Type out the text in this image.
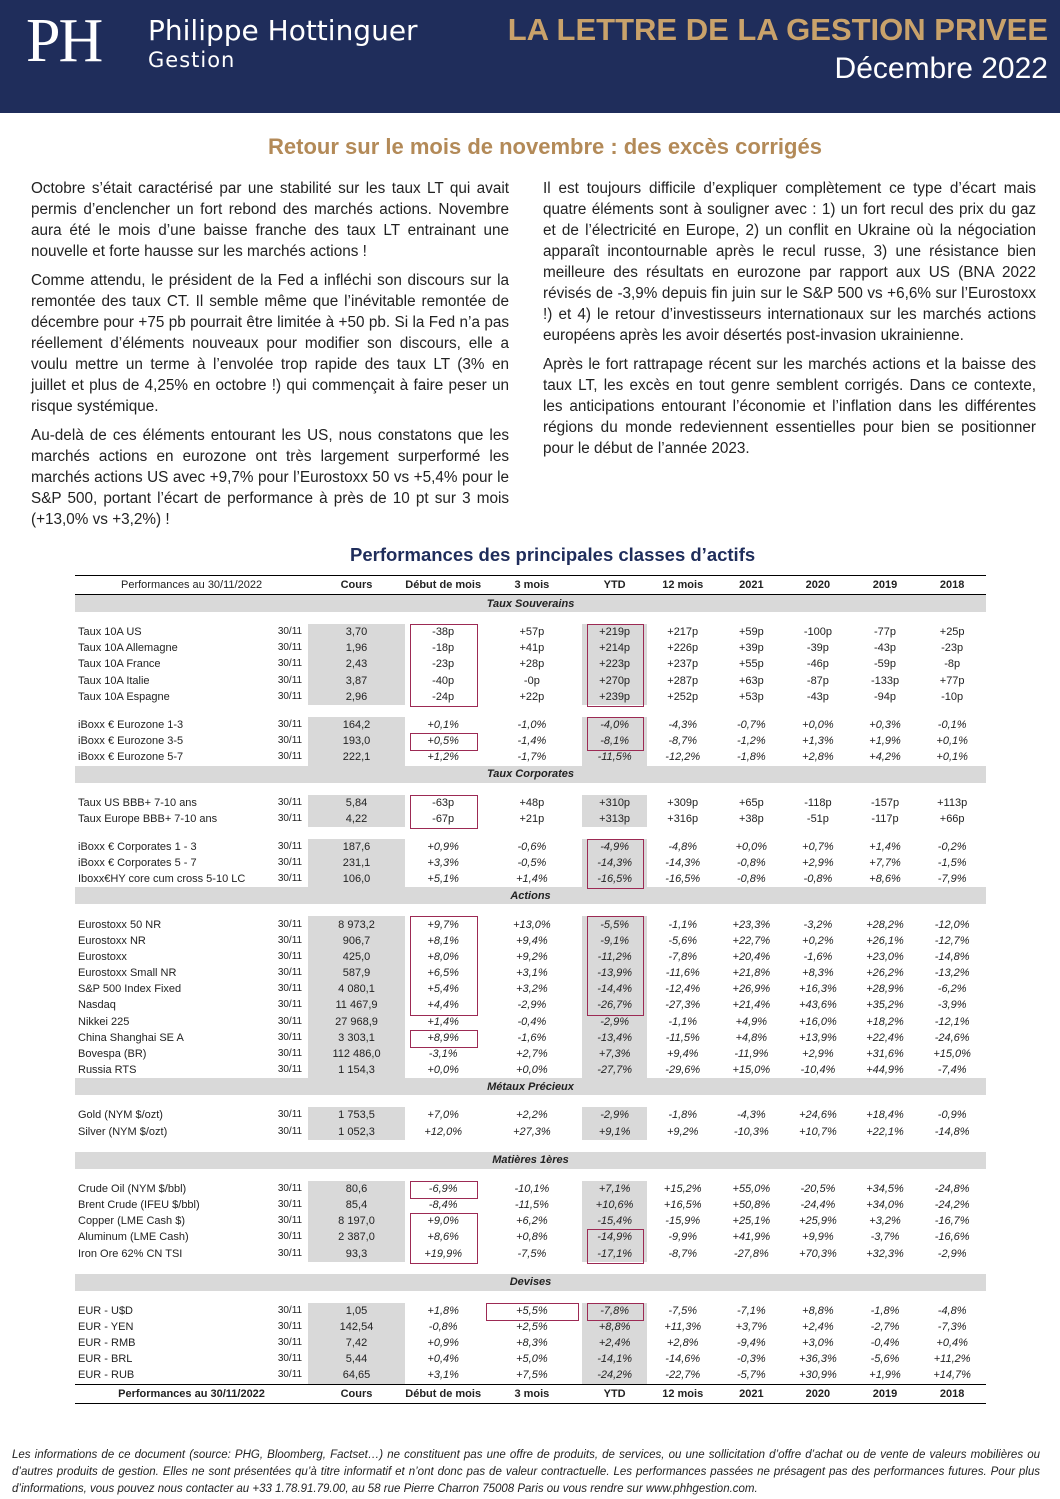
PH Philippe Hottinguer
Gestion
LA LETTRE DE LA GESTION PRIVEE
Décembre 2022
Retour sur le mois de novembre : des excès corrigés

Octobre s’était caractérisé par une stabilité sur les taux LT qui avait permis d’enclencher un fort rebond des marchés actions. Novembre aura été le mois d’une baisse franche des taux LT entrainant une nouvelle et forte hausse sur les marchés actions !

Comme attendu, le président de la Fed a infléchi son discours sur la remontée des taux CT. Il semble même que l’inévitable remontée de décembre pour +75 pb pourrait être limitée à +50 pb. Si la Fed n’a pas réellement d’éléments nouveaux pour modifier son discours, elle a voulu mettre un terme à l’envolée trop rapide des taux LT (3% en juillet et plus de 4,25% en octobre !) qui commençait à faire peser un risque systémique.

Au-delà de ces éléments entourant les US, nous constatons que les marchés actions en eurozone ont très largement surperformé les marchés actions US avec +9,7% pour l’Eurostoxx 50 vs +5,4% pour le S&P 500, portant l’écart de performance à près de 10 pt sur 3 mois (+13,0% vs +3,2%) !

Il est toujours difficile d’expliquer complètement ce type d’écart mais quatre éléments sont à souligner avec : 1) un fort recul des prix du gaz et de l’électricité en Europe, 2) un conflit en Ukraine où la négociation apparaît incontournable après le recul russe, 3) une résistance bien meilleure des résultats en eurozone par rapport aux US (BNA 2022 révisés de -3,9% depuis fin juin sur le S&P 500 vs +6,6% sur l’Eurostoxx !) et 4) le retour d’investisseurs internationaux sur les marchés actions européens après les avoir désertés post-invasion ukrainienne.

Après le fort rattrapage récent sur les marchés actions et la baisse des taux LT, les excès en tout genre semblent corrigés. Dans ce contexte, les anticipations entourant l’économie et l’inflation dans les différentes régions du monde redeviennent essentielles pour bien se positionner pour le début de l’année 2023.

Performances des principales classes d’actifs
Performances au 30/11/2022		Cours	Début de mois	3 mois	YTD	12 mois	2021	2020	2019	2018
Taux Souverains										

Taux 10A US	30/11	3,70	-38p	+57p	+219p	+217p	+59p	-100p	-77p	+25p
Taux 10A Allemagne	30/11	1,96	-18p	+41p	+214p	+226p	+39p	-39p	-43p	-23p
Taux 10A France	30/11	2,43	-23p	+28p	+223p	+237p	+55p	-46p	-59p	-8p
Taux 10A Italie	30/11	3,87	-40p	-0p	+270p	+287p	+63p	-87p	-133p	+77p
Taux 10A Espagne	30/11	2,96	-24p	+22p	+239p	+252p	+53p	-43p	-94p	-10p

iBoxx € Eurozone 1-3	30/11	164,2	+0,1%	-1,0%	-4,0%	-4,3%	-0,7%	+0,0%	+0,3%	-0,1%
iBoxx € Eurozone 3-5	30/11	193,0	+0,5%	-1,4%	-8,1%	-8,7%	-1,2%	+1,3%	+1,9%	+0,1%
iBoxx € Eurozone 5-7	30/11	222,1	+1,2%	-1,7%	-11,5%	-12,2%	-1,8%	+2,8%	+4,2%	+0,1%
Taux Corporates										

Taux US BBB+ 7-10 ans	30/11	5,84	-63p	+48p	+310p	+309p	+65p	-118p	-157p	+113p
Taux Europe BBB+ 7-10 ans	30/11	4,22	-67p	+21p	+313p	+316p	+38p	-51p	-117p	+66p

iBoxx € Corporates 1 - 3	30/11	187,6	+0,9%	-0,6%	-4,9%	-4,8%	+0,0%	+0,7%	+1,4%	-0,2%
iBoxx € Corporates 5 - 7	30/11	231,1	+3,3%	-0,5%	-14,3%	-14,3%	-0,8%	+2,9%	+7,7%	-1,5%
Iboxx€HY core cum cross 5-10 LC	30/11	106,0	+5,1%	+1,4%	-16,5%	-16,5%	-0,8%	-0,8%	+8,6%	-7,9%
Actions										

Eurostoxx 50 NR	30/11	8 973,2	+9,7%	+13,0%	-5,5%	-1,1%	+23,3%	-3,2%	+28,2%	-12,0%
Eurostoxx NR	30/11	906,7	+8,1%	+9,4%	-9,1%	-5,6%	+22,7%	+0,2%	+26,1%	-12,7%
Eurostoxx	30/11	425,0	+8,0%	+9,2%	-11,2%	-7,8%	+20,4%	-1,6%	+23,0%	-14,8%
Eurostoxx Small NR	30/11	587,9	+6,5%	+3,1%	-13,9%	-11,6%	+21,8%	+8,3%	+26,2%	-13,2%
S&P 500 Index Fixed	30/11	4 080,1	+5,4%	+3,2%	-14,4%	-12,4%	+26,9%	+16,3%	+28,9%	-6,2%
Nasdaq	30/11	11 467,9	+4,4%	-2,9%	-26,7%	-27,3%	+21,4%	+43,6%	+35,2%	-3,9%
Nikkei 225	30/11	27 968,9	+1,4%	-0,4%	-2,9%	-1,1%	+4,9%	+16,0%	+18,2%	-12,1%
China Shanghai SE A	30/11	3 303,1	+8,9%	-1,6%	-13,4%	-11,5%	+4,8%	+13,9%	+22,4%	-24,6%
Bovespa (BR)	30/11	112 486,0	-3,1%	+2,7%	+7,3%	+9,4%	-11,9%	+2,9%	+31,6%	+15,0%
Russia RTS	30/11	1 154,3	+0,0%	+0,0%	-27,7%	-29,6%	+15,0%	-10,4%	+44,9%	-7,4%
Métaux Précieux										

Gold (NYM $/ozt)	30/11	1 753,5	+7,0%	+2,2%	-2,9%	-1,8%	-4,3%	+24,6%	+18,4%	-0,9%
Silver (NYM $/ozt)	30/11	1 052,3	+12,0%	+27,3%	+9,1%	+9,2%	-10,3%	+10,7%	+22,1%	-14,8%

Matières 1ères										

Crude Oil (NYM $/bbl)	30/11	80,6	-6,9%	-10,1%	+7,1%	+15,2%	+55,0%	-20,5%	+34,5%	-24,8%
Brent Crude (IFEU $/bbl)	30/11	85,4	-8,4%	-11,5%	+10,6%	+16,5%	+50,8%	-24,4%	+34,0%	-24,2%
Copper (LME Cash $)	30/11	8 197,0	+9,0%	+6,2%	-15,4%	-15,9%	+25,1%	+25,9%	+3,2%	-16,7%
Aluminum (LME Cash)	30/11	2 387,0	+8,6%	+0,8%	-14,9%	-9,9%	+41,9%	+9,9%	-3,7%	-16,6%
Iron Ore 62% CN TSI	30/11	93,3	+19,9%	-7,5%	-17,1%	-8,7%	-27,8%	+70,3%	+32,3%	-2,9%

Devises										

EUR - U$D	30/11	1,05	+1,8%	+5,5%	-7,8%	-7,5%	-7,1%	+8,8%	-1,8%	-4,8%
EUR - YEN	30/11	142,54	-0,8%	+2,5%	+8,8%	+11,3%	+3,7%	+2,4%	-2,7%	-7,3%
EUR - RMB	30/11	7,42	+0,9%	+8,3%	+2,4%	+2,8%	-9,4%	+3,0%	-0,4%	+0,4%
EUR - BRL	30/11	5,44	+0,4%	+5,0%	-14,1%	-14,6%	-0,3%	+36,3%	-5,6%	+11,2%
EUR - RUB	30/11	64,65	+3,1%	+7,5%	-24,2%	-22,7%	-5,7%	+30,9%	+1,9%	+14,7%
Performances au 30/11/2022		Cours	Début de mois	3 mois	YTD	12 mois	2021	2020	2019	2018
Les informations de ce document (source: PHG, Bloomberg, Factset…) ne constituent pas une offre de produits, de services, ou une sollicitation d’offre d’achat ou de vente de valeurs mobilières ou d’autres produits de gestion. Elles ne sont présentées qu’à titre informatif et n’ont donc pas de valeur contractuelle. Les performances passées ne présagent pas des performances futures. Pour plus d’informations, vous pouvez nous contacter au +33 1.78.91.79.00, au 58 rue Pierre Charron 75008 Paris ou vous rendre sur www.phhgestion.com.
